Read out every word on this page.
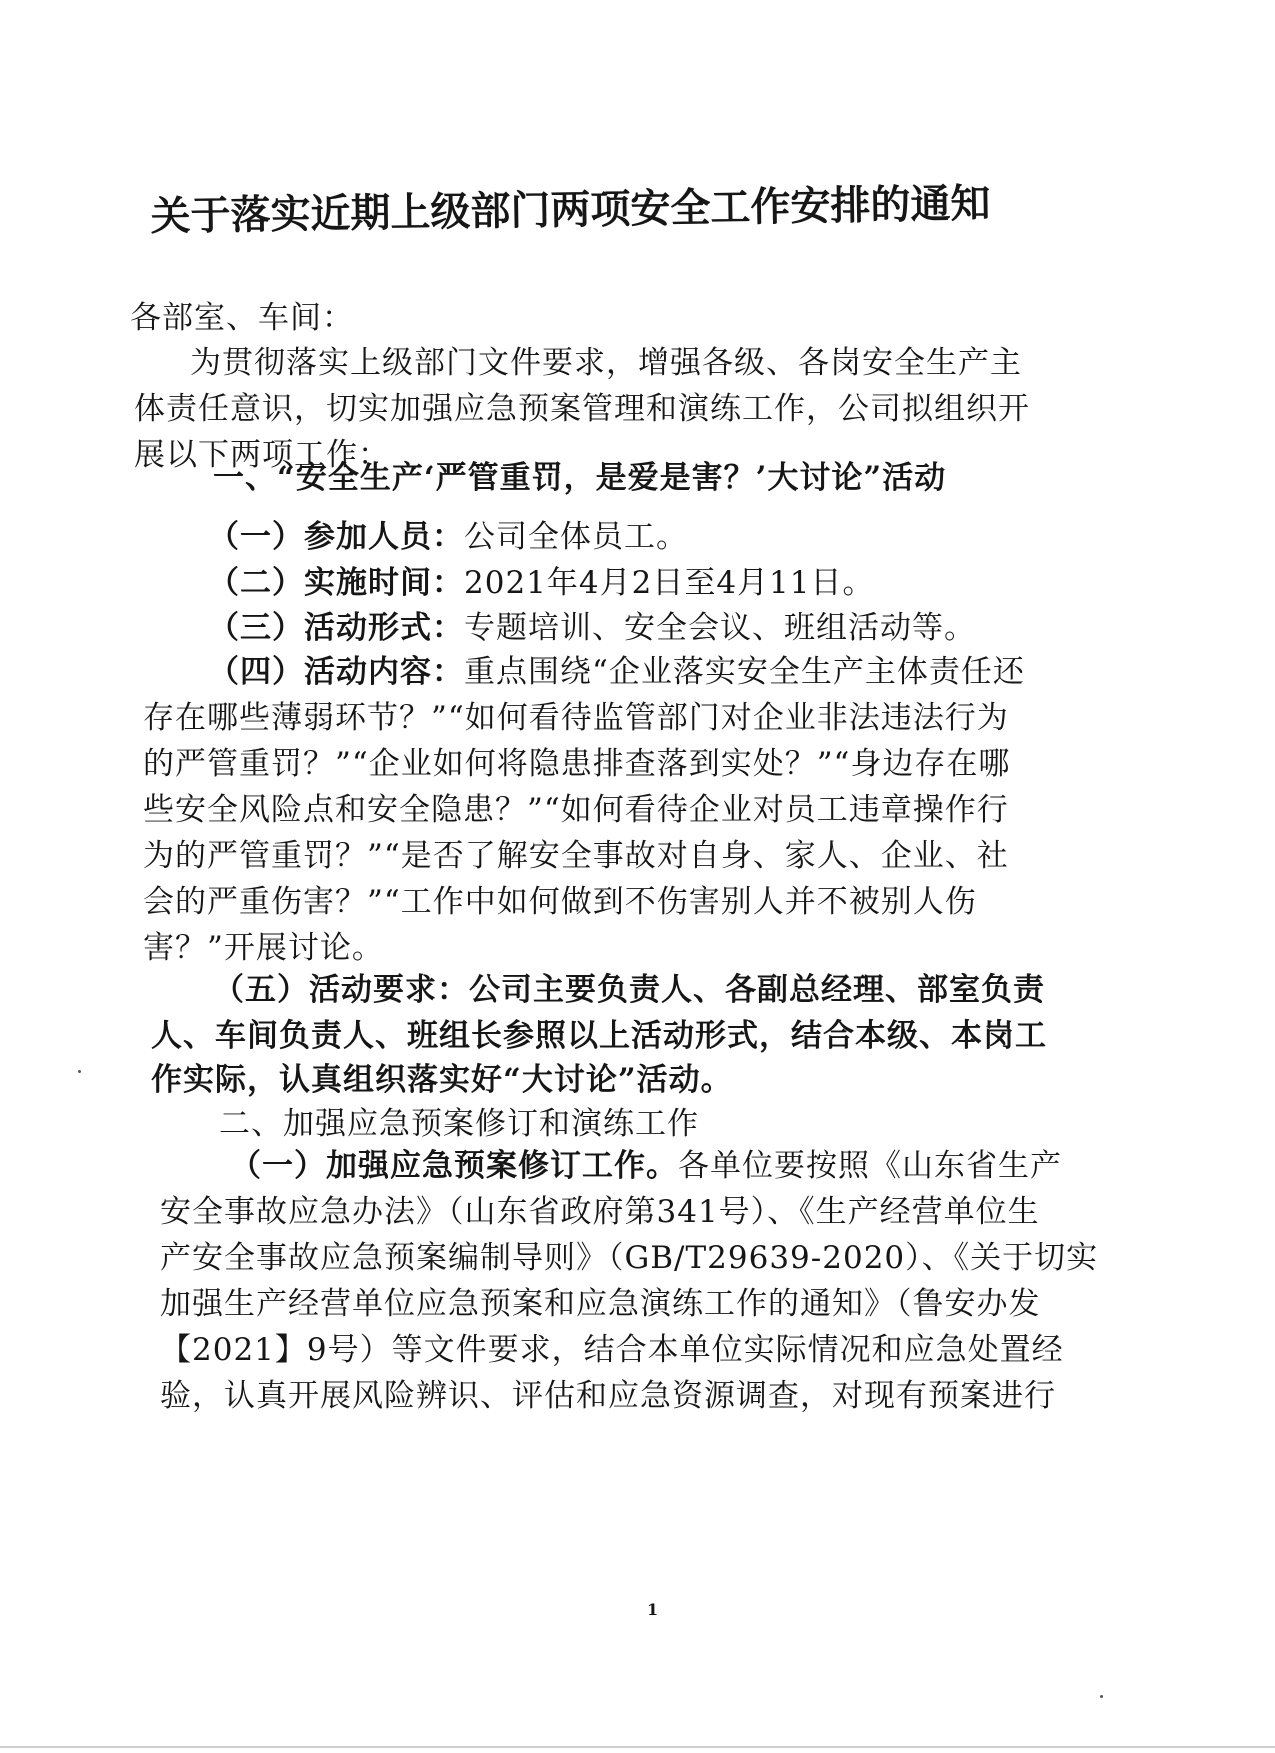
关于落实近期上级部门两项安全工作安排的通知
各部室、车间：
为贯彻落实上级部门文件要求，增强各级、各岗安全生产主
体责任意识，切实加强应急预案管理和演练工作，公司拟组织开
展以下两项工作：
一、“安全生产‘严管重罚，是爱是害？’大讨论”活动
（一）参加人员：公司全体员工。
（二）实施时间：2021年4月2日至4月11日。
（三）活动形式：专题培训、安全会议、班组活动等。
（四）活动内容：重点围绕“企业落实安全生产主体责任还
存在哪些薄弱环节？”“如何看待监管部门对企业非法违法行为
的严管重罚？”“企业如何将隐患排查落到实处？”“身边存在哪
些安全风险点和安全隐患？”“如何看待企业对员工违章操作行
为的严管重罚？”“是否了解安全事故对自身、家人、企业、社
会的严重伤害？”“工作中如何做到不伤害别人并不被别人伤
害？”开展讨论。
（五）活动要求：公司主要负责人、各副总经理、部室负责
人、车间负责人、班组长参照以上活动形式，结合本级、本岗工
作实际，认真组织落实好“大讨论”活动。
二、加强应急预案修订和演练工作
（一）加强应急预案修订工作。各单位要按照《山东省生产
安全事故应急办法》（山东省政府第341号）、《生产经营单位生
产安全事故应急预案编制导则》（GB/T29639-2020）、《关于切实
加强生产经营单位应急预案和应急演练工作的通知》（鲁安办发
【2021】9号）等文件要求，结合本单位实际情况和应急处置经
验，认真开展风险辨识、评估和应急资源调查，对现有预案进行
1
